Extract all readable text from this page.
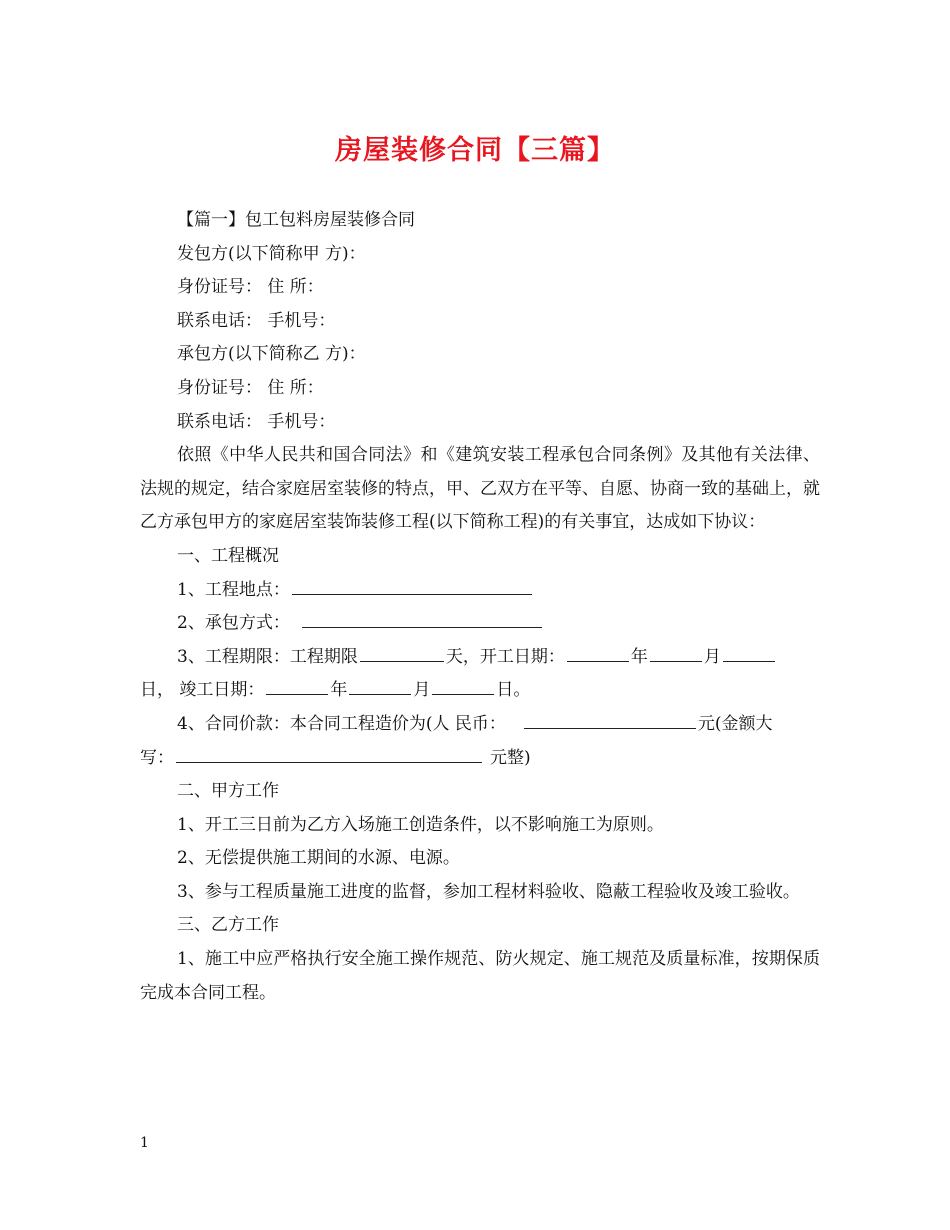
房屋装修合同【三篇】

【篇一】包工包料房屋装修合同

发包方(以下简称甲 方)：

身份证号： 住 所：

联系电话： 手机号：

承包方(以下简称乙 方)：

身份证号： 住 所：

联系电话： 手机号：

依照《中华人民共和国合同法》和《建筑安装工程承包合同条例》及其他有关法律、法规的规定，结合家庭居室装修的特点，甲、乙双方在平等、自愿、协商一致的基础上，就乙方承包甲方的家庭居室装饰装修工程(以下简称工程)的有关事宜，达成如下协议：

一、工程概况

1、工程地点：

2、承包方式：

3、工程期限：工程期限	天，开工日期：	年	月

日， 竣工日期：	年	月	日。

4、合同价款：本合同工程造价为(人 民币：	元(金额大

写：	元整)

二、甲方工作

1、开工三日前为乙方入场施工创造条件，以不影响施工为原则。

2、无偿提供施工期间的水源、电源。

3、参与工程质量施工进度的监督，参加工程材料验收、隐蔽工程验收及竣工验收。

三、乙方工作

1、施工中应严格执行安全施工操作规范、防火规定、施工规范及质量标准，按期保质完成本合同工程。

1
